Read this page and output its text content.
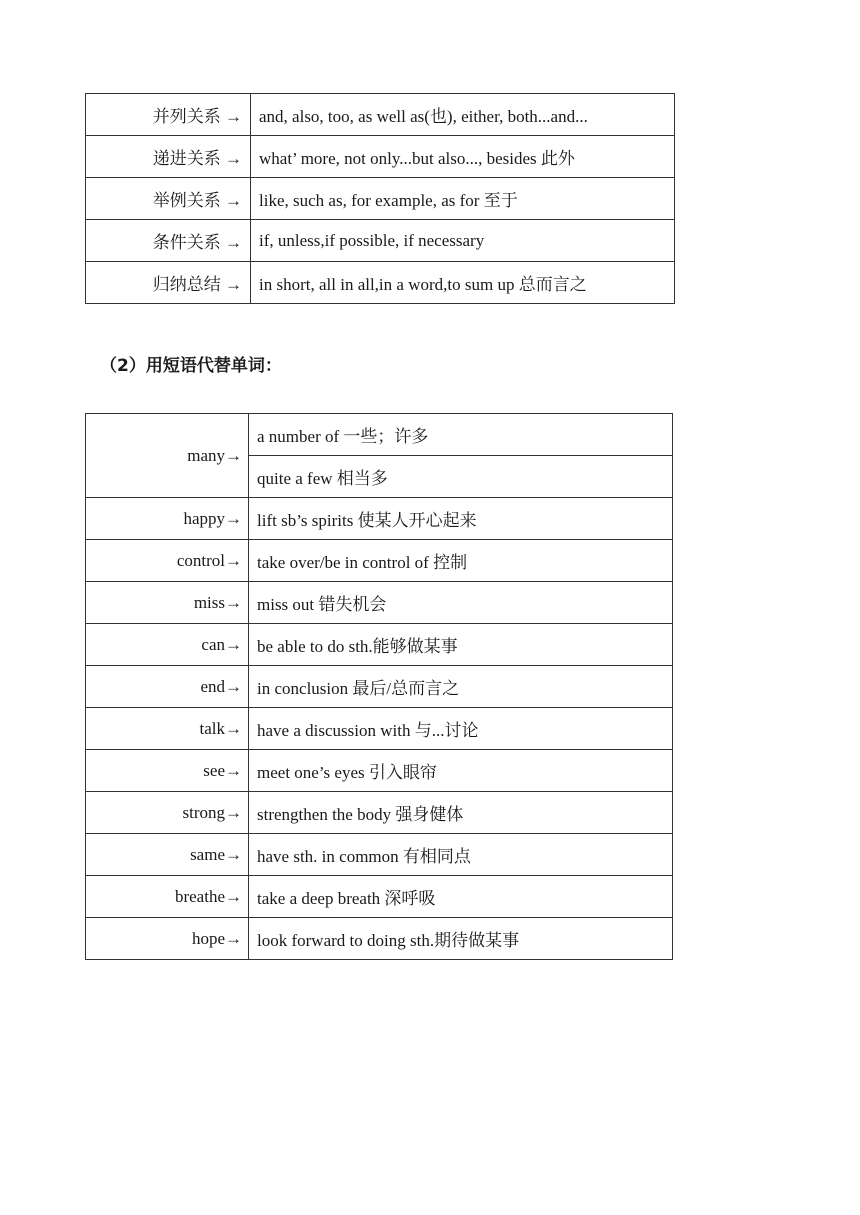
并列关系 →	and, also, too, as well as(也), either, both...and...
递进关系 →	what’ more, not only...but also..., besides 此外
举例关系 →	like, such as, for example, as for 至于
条件关系 →	if, unless,if possible, if necessary
归纳总结 →	in short, all in all,in a word,to sum up 总而言之
（2）用短语代替单词：
many→	a number of 一些；许多
	quite a few 相当多
happy→	lift sb’s spirits 使某人开心起来
control→	take over/be in control of 控制
miss→	miss out 错失机会
can→	be able to do sth.能够做某事
end→	in conclusion 最后/总而言之
talk→	have a discussion with 与...讨论
see→	meet one’s eyes 引入眼帘
strong→	strengthen the body 强身健体
same→	have sth. in common 有相同点
breathe→	take a deep breath 深呼吸
hope→	look forward to doing sth.期待做某事
